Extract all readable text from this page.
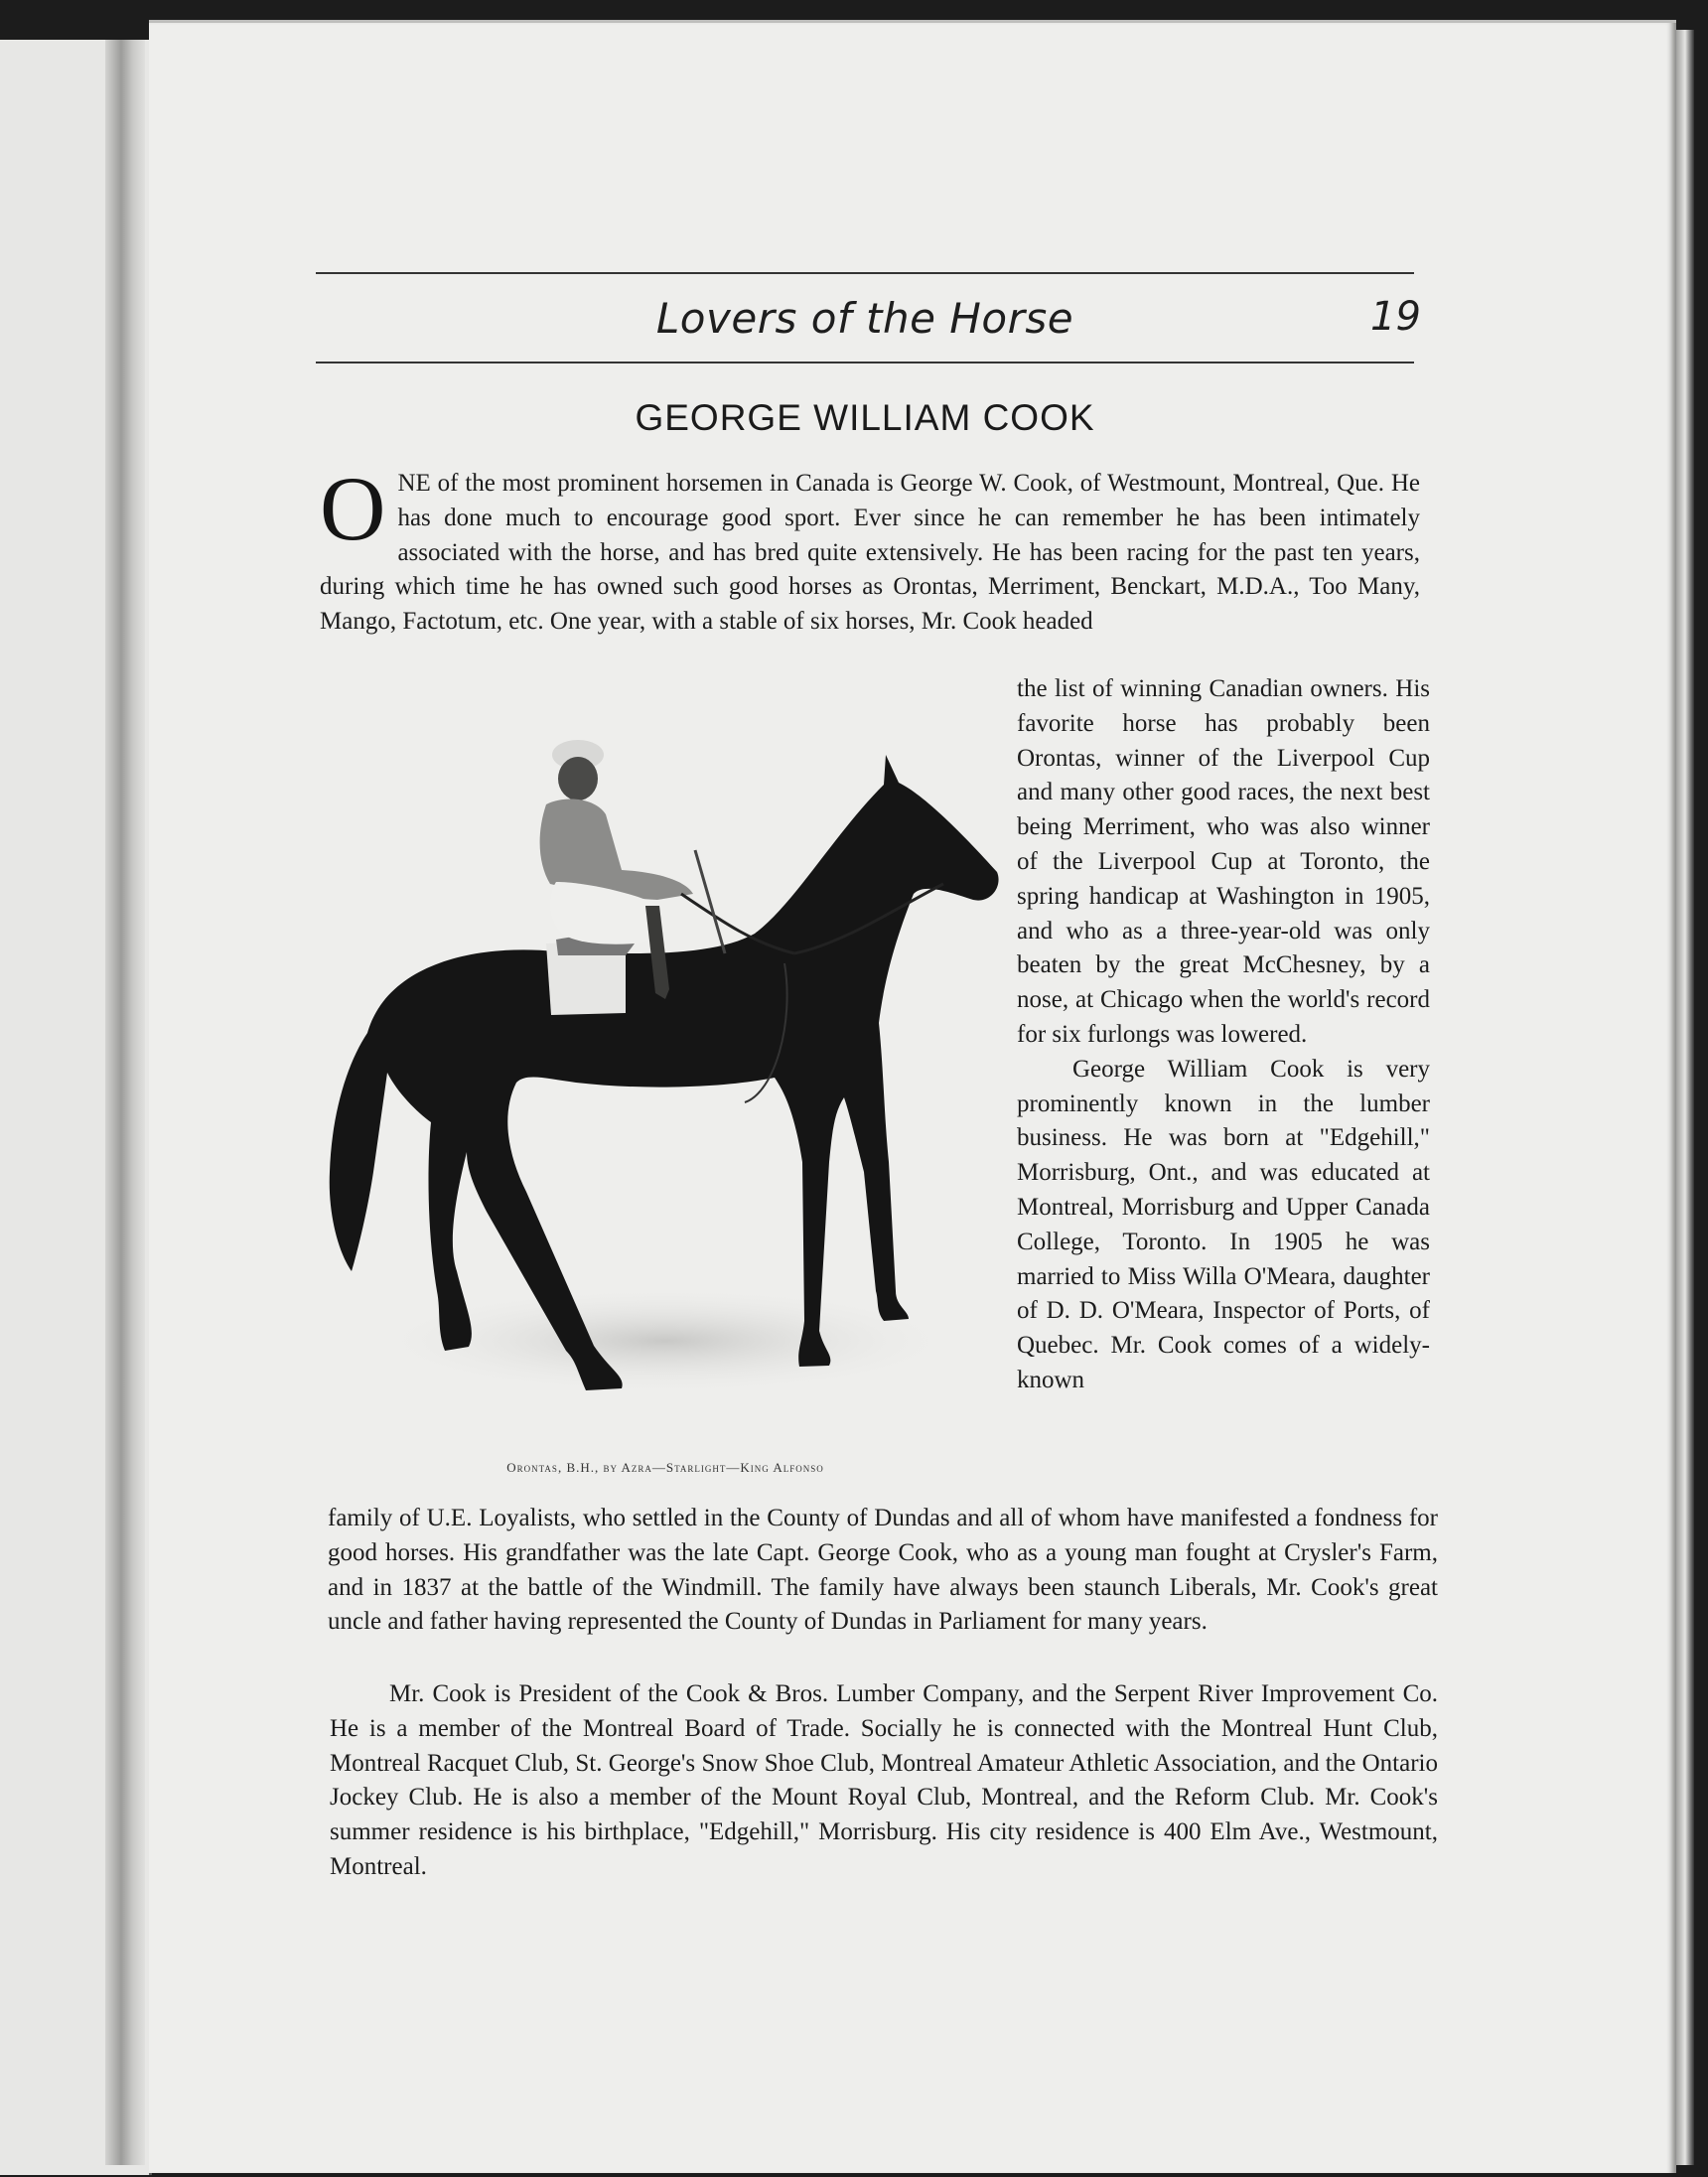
Lovers of the Horse	19
GEORGE WILLIAM COOK
ONE of the most prominent horsemen in Canada is George W. Cook, of Westmount, Montreal, Que. He has done much to encourage good sport. Ever since he can remember he has been intimately associated with the horse, and has bred quite extensively. He has been racing for the past ten years, during which time he has owned such good horses as Orontas, Merriment, Benckart, M.D.A., Too Many, Mango, Factotum, etc. One year, with a stable of six horses, Mr. Cook headed

the list of winning Canadian owners. His favorite horse has probably been Orontas, winner of the Liverpool Cup and many other good races, the next best being Merriment, who was also winner of the Liverpool Cup at Toronto, the spring handicap at Washington in 1905, and who as a three-year-old was only beaten by the great McChesney, by a nose, at Chicago when the world's record for six furlongs was lowered.

George William Cook is very prominently known in the lumber business. He was born at "Edgehill," Morrisburg, Ont., and was educated at Montreal, Morrisburg and Upper Canada College, Toronto. In 1905 he was married to Miss Willa O'Meara, daughter of D. D. O'Meara, Inspector of Ports, of Quebec. Mr. Cook comes of a widely-known

Orontas, B.H., by Azra—Starlight—King Alfonso
family of U.E. Loyalists, who settled in the County of Dundas and all of whom have manifested a fondness for good horses. His grandfather was the late Capt. George Cook, who as a young man fought at Crysler's Farm, and in 1837 at the battle of the Windmill. The family have always been staunch Liberals, Mr. Cook's great uncle and father having represented the County of Dundas in Parliament for many years.
Mr. Cook is President of the Cook & Bros. Lumber Company, and the Serpent River Improvement Co. He is a member of the Montreal Board of Trade. Socially he is connected with the Montreal Hunt Club, Montreal Racquet Club, St. George's Snow Shoe Club, Montreal Amateur Athletic Association, and the Ontario Jockey Club. He is also a member of the Mount Royal Club, Montreal, and the Reform Club. Mr. Cook's summer residence is his birthplace, "Edgehill," Morrisburg. His city residence is 400 Elm Ave., Westmount, Montreal.
